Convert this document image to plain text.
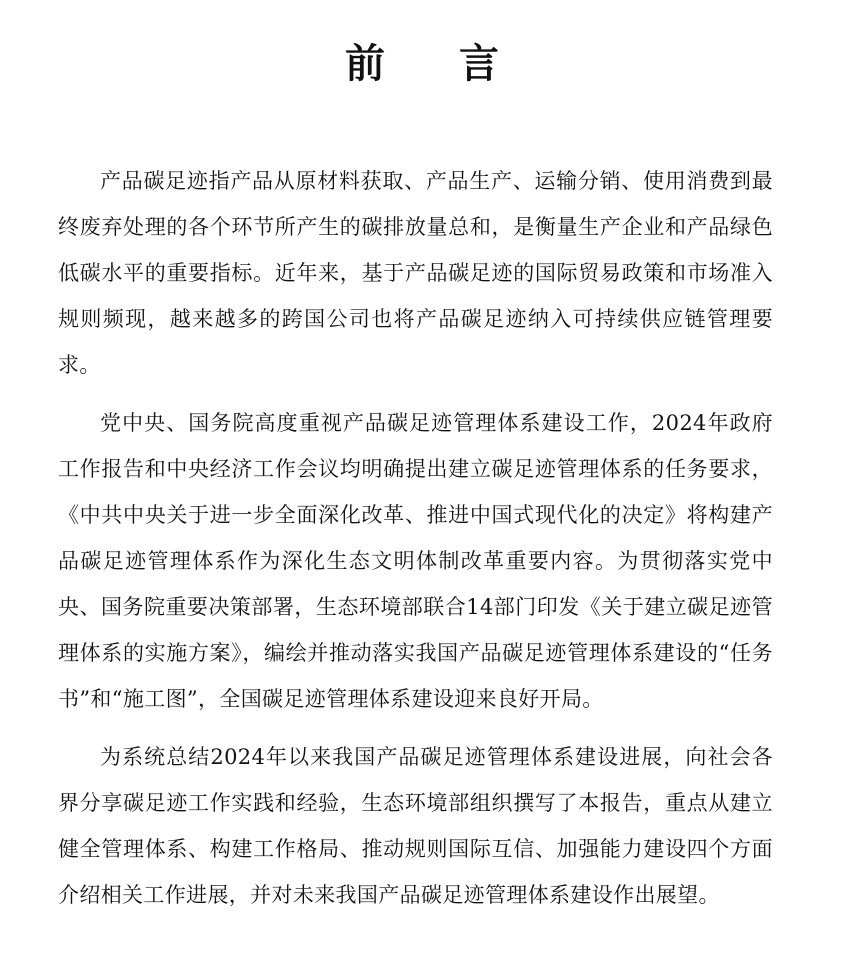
前 言

产品碳足迹指产品从原材料获取、产品生产、运输分销、使用消费到最终废弃处理的各个环节所产生的碳排放量总和，是衡量生产企业和产品绿色低碳水平的重要指标。近年来，基于产品碳足迹的国际贸易政策和市场准入规则频现，越来越多的跨国公司也将产品碳足迹纳入可持续供应链管理要求。

党中央、国务院高度重视产品碳足迹管理体系建设工作，2024年政府工作报告和中央经济工作会议均明确提出建立碳足迹管理体系的任务要求，《中共中央关于进一步全面深化改革、推进中国式现代化的决定》将构建产品碳足迹管理体系作为深化生态文明体制改革重要内容。为贯彻落实党中央、国务院重要决策部署，生态环境部联合14部门印发《关于建立碳足迹管理体系的实施方案》，编绘并推动落实我国产品碳足迹管理体系建设的“任务书”和“施工图”，全国碳足迹管理体系建设迎来良好开局。

为系统总结2024年以来我国产品碳足迹管理体系建设进展，向社会各界分享碳足迹工作实践和经验，生态环境部组织撰写了本报告，重点从建立健全管理体系、构建工作格局、推动规则国际互信、加强能力建设四个方面介绍相关工作进展，并对未来我国产品碳足迹管理体系建设作出展望。
